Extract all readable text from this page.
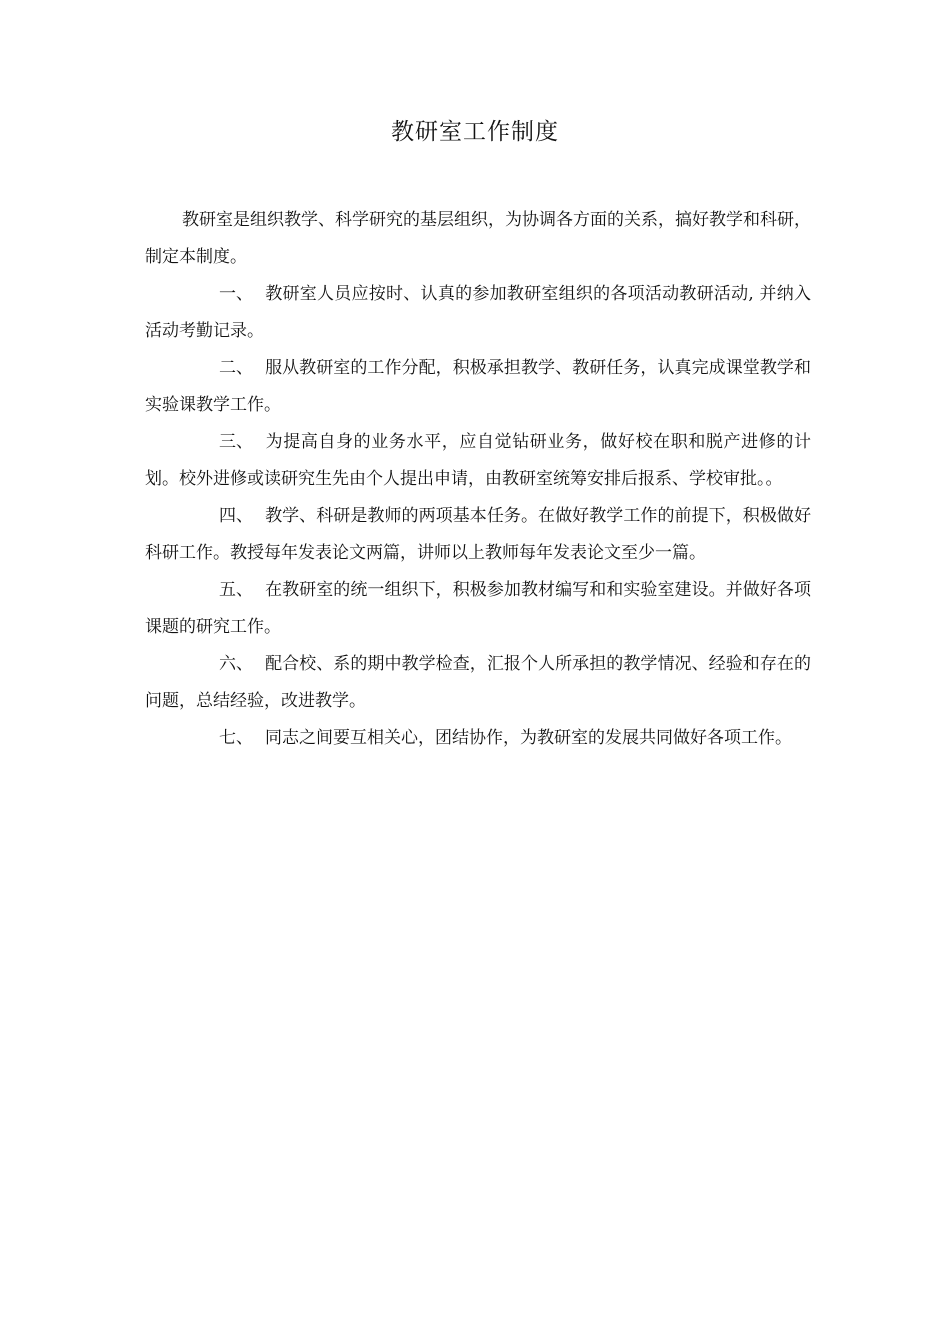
教研室工作制度

教研室是组织教学、科学研究的基层组织，为协调各方面的关系，搞好教学和科研，制定本制度。

一、 教研室人员应按时、认真的参加教研室组织的各项活动教研活动, 并纳入活动考勤记录。

二、 服从教研室的工作分配，积极承担教学、教研任务，认真完成课堂教学和实验课教学工作。

三、 为提高自身的业务水平，应自觉钻研业务，做好校在职和脱产进修的计划。校外进修或读研究生先由个人提出申请，由教研室统筹安排后报系、学校审批。。

四、 教学、科研是教师的两项基本任务。在做好教学工作的前提下，积极做好科研工作。教授每年发表论文两篇，讲师以上教师每年发表论文至少一篇。

五、 在教研室的统一组织下，积极参加教材编写和和实验室建设。并做好各项课题的研究工作。

六、 配合校、系的期中教学检查，汇报个人所承担的教学情况、经验和存在的问题，总结经验，改进教学。

七、 同志之间要互相关心，团结协作，为教研室的发展共同做好各项工作。
